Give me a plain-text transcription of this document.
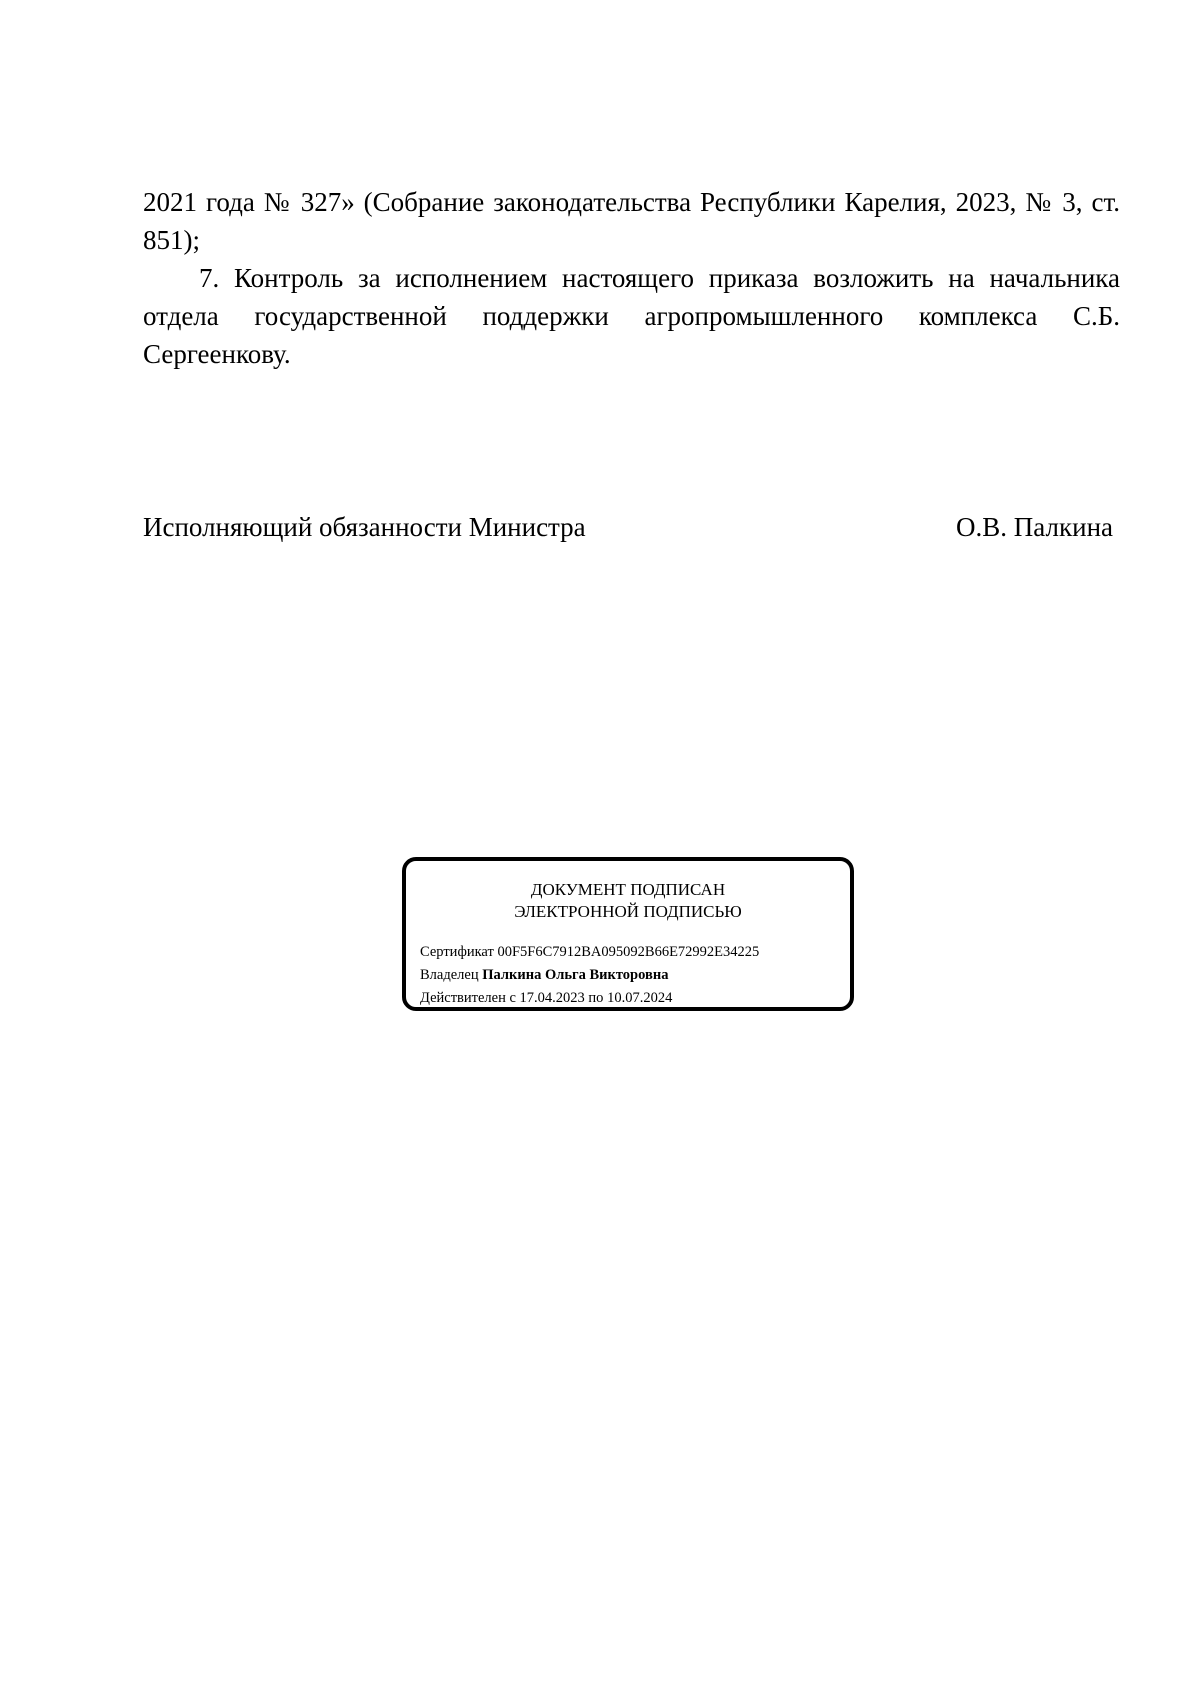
2021 года № 327» (Собрание законодательства Республики Карелия, 2023, № 3, ст. 851);

7. Контроль за исполнением настоящего приказа возложить на начальника отдела государственной поддержки агропромышленного комплекса С.Б. Сергеенкову.

Исполняющий обязанности Министра	О.В. Палкина
ДОКУМЕНТ ПОДПИСАН
ЭЛЕКТРОННОЙ ПОДПИСЬЮ
Сертификат 00F5F6C7912BA095092B66E72992E34225
Владелец Палкина Ольга Викторовна
Действителен с 17.04.2023 по 10.07.2024
